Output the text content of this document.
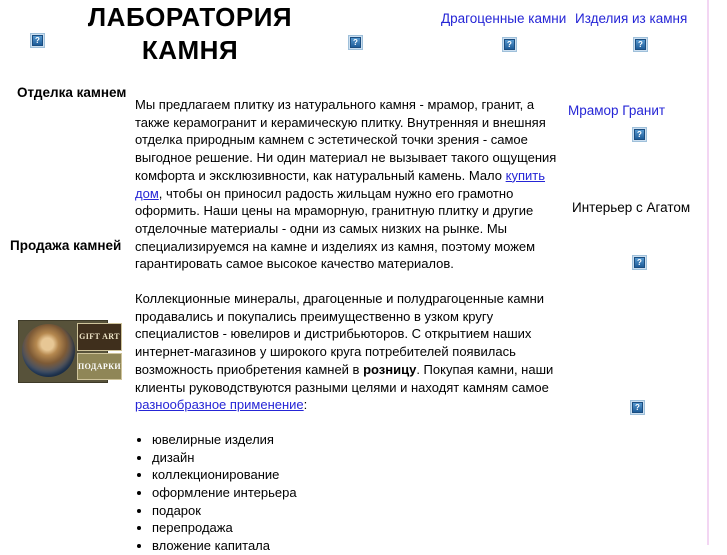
ЛАБОРАТОРИЯ
КАМНЯ
Драгоценные камни Изделия из камня
?	?	?	?
?
?
?
Отделка камнем
Продажа камней
GIFT ART
ПОДАРКИ

Мы предлагаем плитку из натурального камня - мрамор, гранит, а также керамогранит и керамическую плитку. Внутренняя и внешняя отделка природным камнем с эстетической точки зрения - самое выгодное решение. Ни один материал не вызывает такого ощущения комфорта и эксклюзивности, как натуральный камень. Мало купить дом, чтобы он приносил радость жильцам нужно его грамотно оформить. Наши цены на мраморную, гранитную плитку и другие отделочные материалы - одни из самых низких на рынке. Мы специализируемся на камне и изделиях из камня, поэтому можем гарантировать самое высокое качество материалов.

Коллекционные минералы, драгоценные и полудрагоценные камни продавались и покупались преимущественно в узком кругу специалистов - ювелиров и дистрибьюторов. С открытием наших интернет-магазинов у широкого круга потребителей появилась возможность приобретения камней в розницу. Покупая камни, наши клиенты руководствуются разными целями и находят камням самое разнообразное применение:

• ювелирные изделия
• дизайн
• коллекционирование
• оформление интерьера
• подарок
• перепродажа
• вложение капитала
Мрамор Гранит
Интерьер с Агатом
